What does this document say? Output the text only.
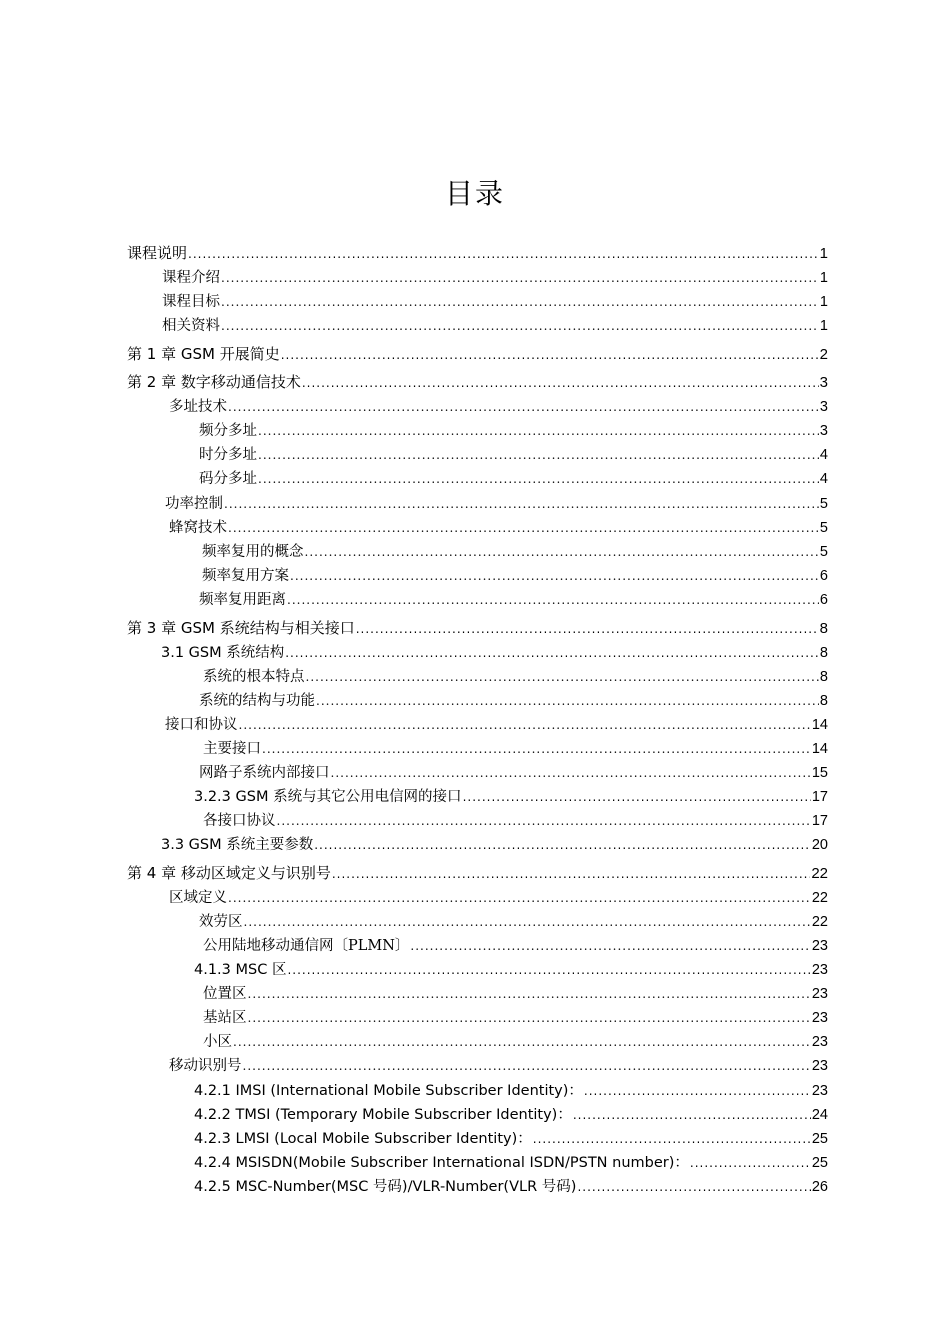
目录
课程说明 .....	1
课程介绍 .....	1
课程目标 .....	1
相关资料 .....	1
第 1 章 GSM 开展简史 .....	2
第 2 章 数字移动通信技术 .....	3
多址技术 .....	3
频分多址 .....	3
时分多址 .....	4
码分多址 .....	4
功率控制 .....	5
蜂窝技术 .....	5
频率复用的概念 .....	5
频率复用方案 .....	6
频率复用距离 .....	6
第 3 章 GSM 系统结构与相关接口 .....	8
3.1 GSM 系统结构 .....	8
系统的根本特点 .....	8
系统的结构与功能 .....	8
接口和协议 .....	14
主要接口 .....	14
网路子系统内部接口 .....	15
3.2.3 GSM 系统与其它公用电信网的接口 .....	17
各接口协议 .....	17
3.3 GSM 系统主要参数 .....	20
第 4 章 移动区域定义与识别号 .....	22
区域定义 .....	22
效劳区 .....	22
公用陆地移动通信网〔PLMN〕 .....	23
4.1.3 MSC 区 .....	23
位置区 .....	23
基站区 .....	23
小区 .....	23
移动识别号 .....	23
4.2.1 IMSI (International Mobile Subscriber Identity)： .....	23
4.2.2 TMSI (Temporary Mobile Subscriber Identity)： .....	24
4.2.3 LMSI (Local Mobile Subscriber Identity)： .....	25
4.2.4 MSISDN(Mobile Subscriber International ISDN/PSTN number)： .....	25
4.2.5 MSC-Number(MSC 号码)/VLR-Number(VLR 号码) .....	26
